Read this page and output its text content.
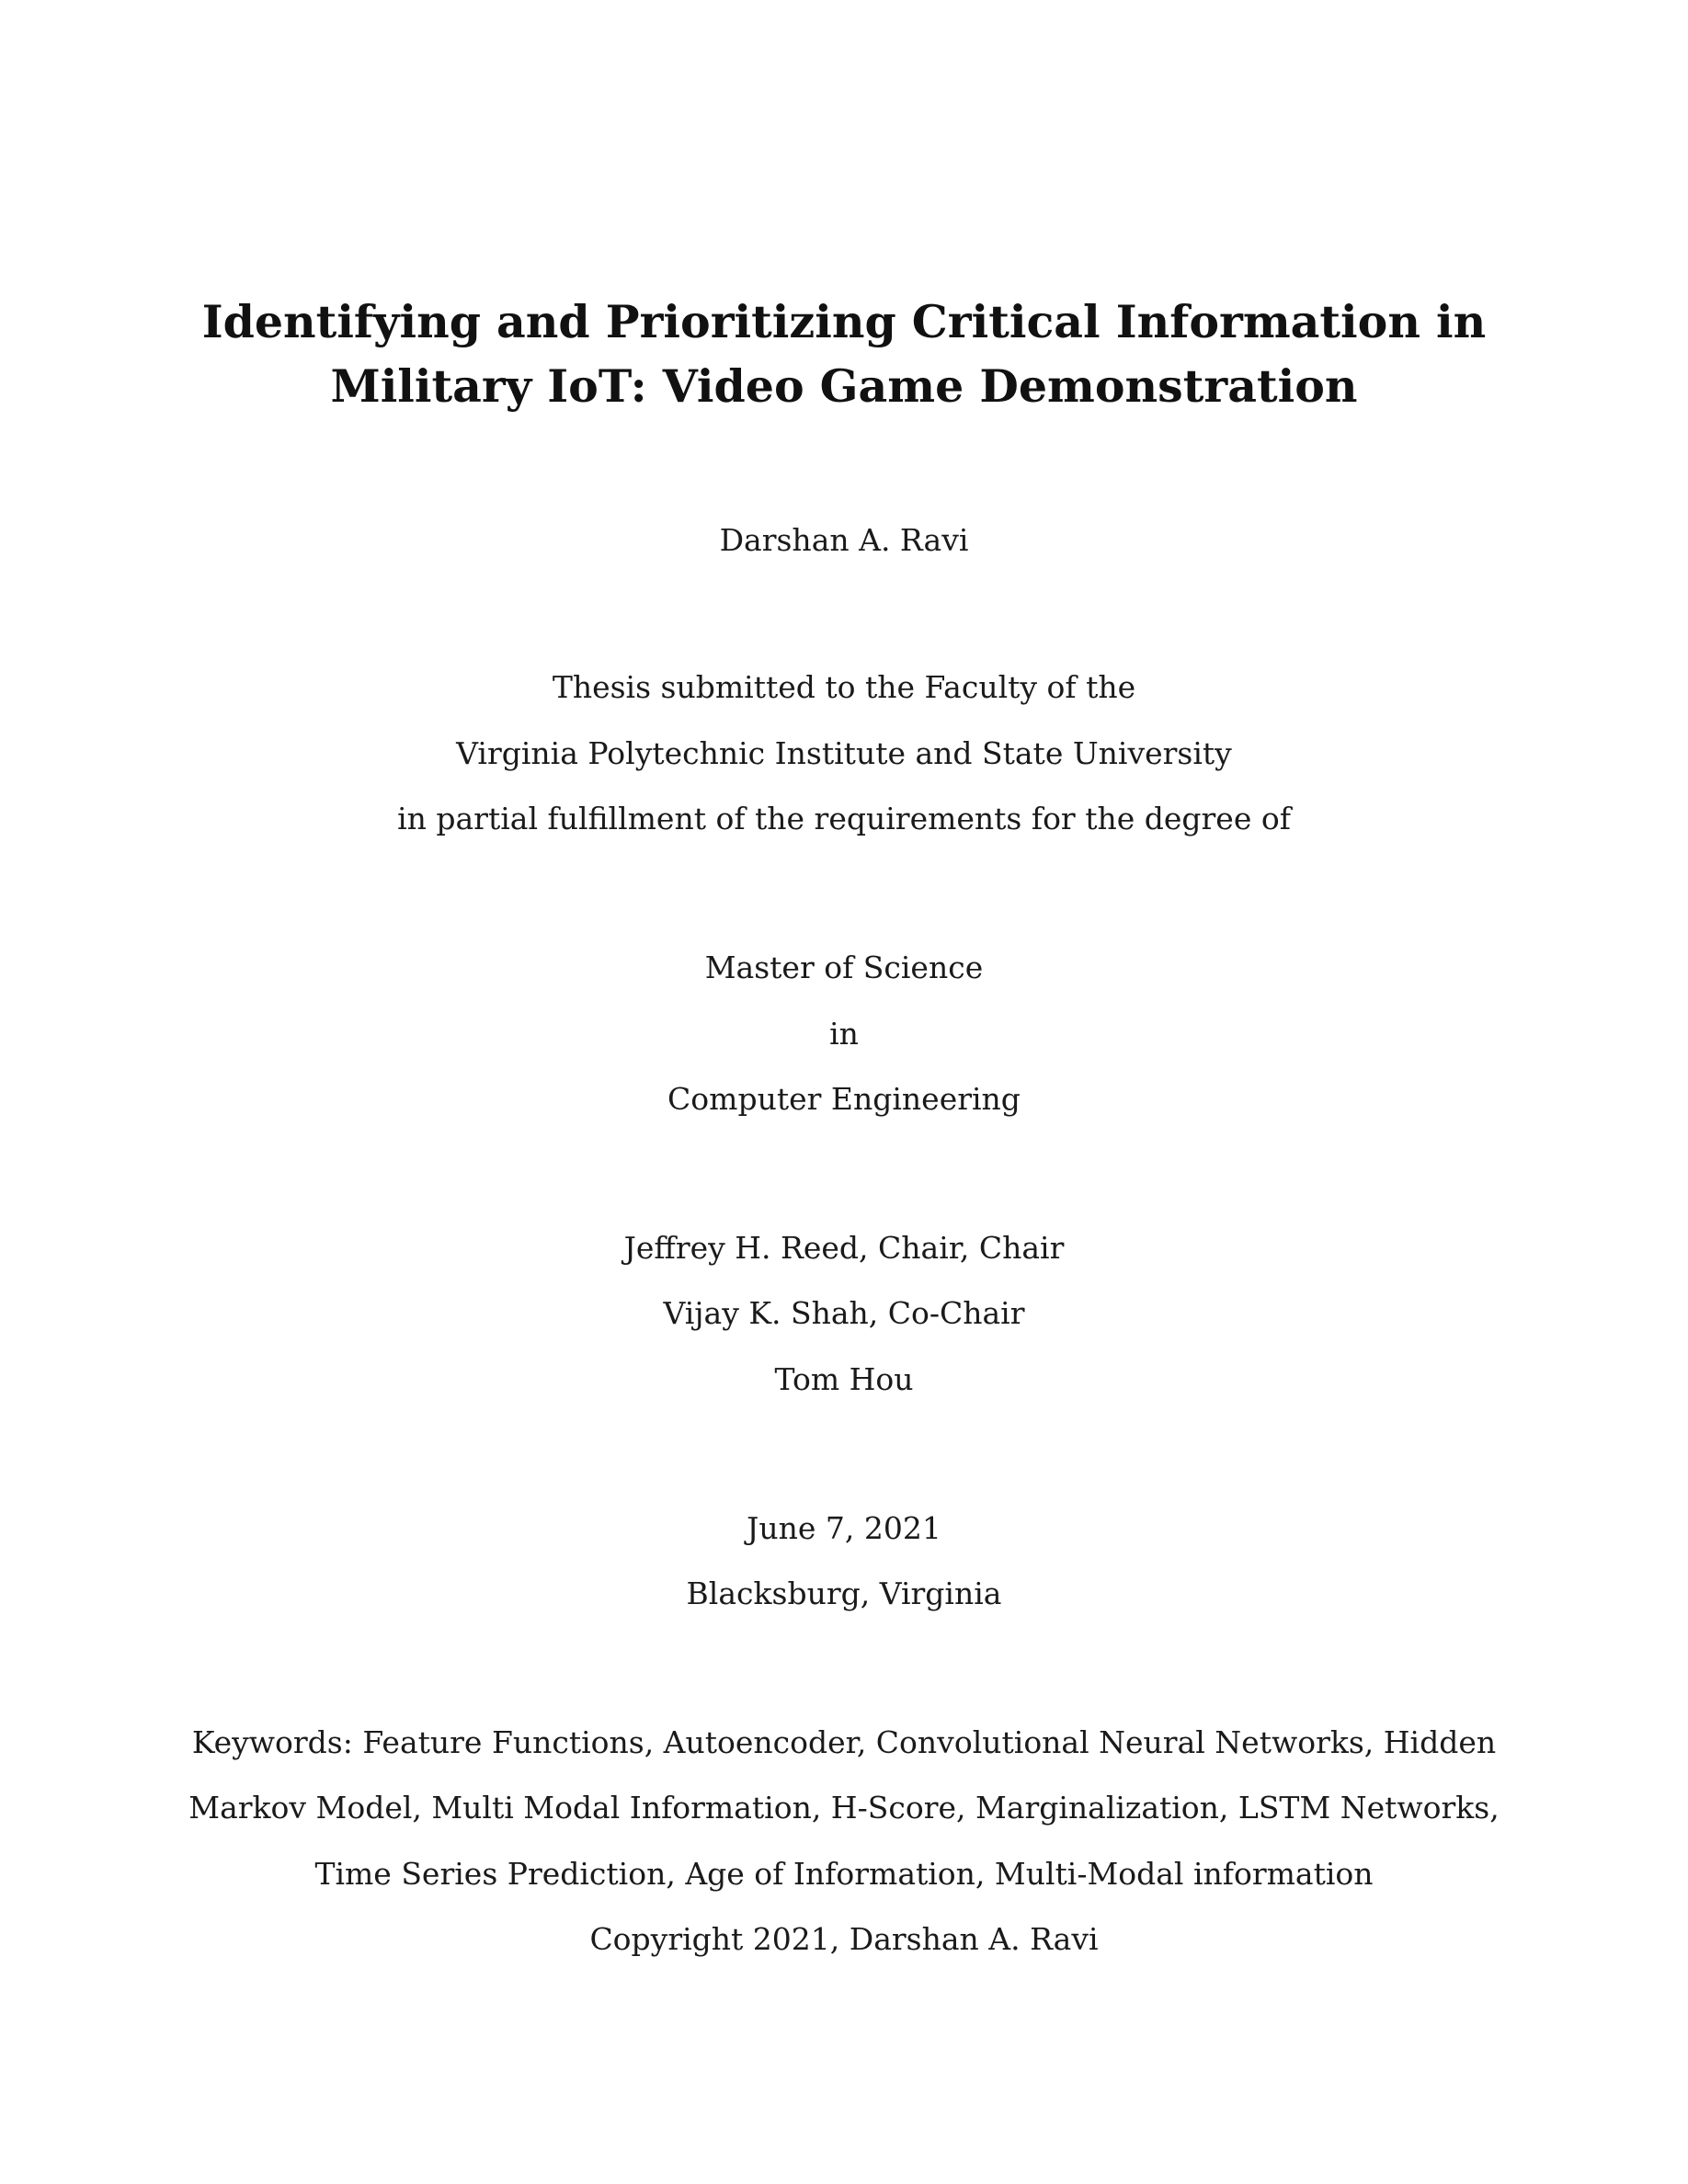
Identifying and Prioritizing Critical Information in
Military IoT: Video Game Demonstration
Darshan A. Ravi
Thesis submitted to the Faculty of the
Virginia Polytechnic Institute and State University
in partial fulfillment of the requirements for the degree of
Master of Science
in
Computer Engineering
Jeffrey H. Reed, Chair, Chair
Vijay K. Shah, Co-Chair
Tom Hou
June 7, 2021
Blacksburg, Virginia
Keywords: Feature Functions, Autoencoder, Convolutional Neural Networks, Hidden
Markov Model, Multi Modal Information, H-Score, Marginalization, LSTM Networks,
Time Series Prediction, Age of Information, Multi-Modal information
Copyright 2021, Darshan A. Ravi
